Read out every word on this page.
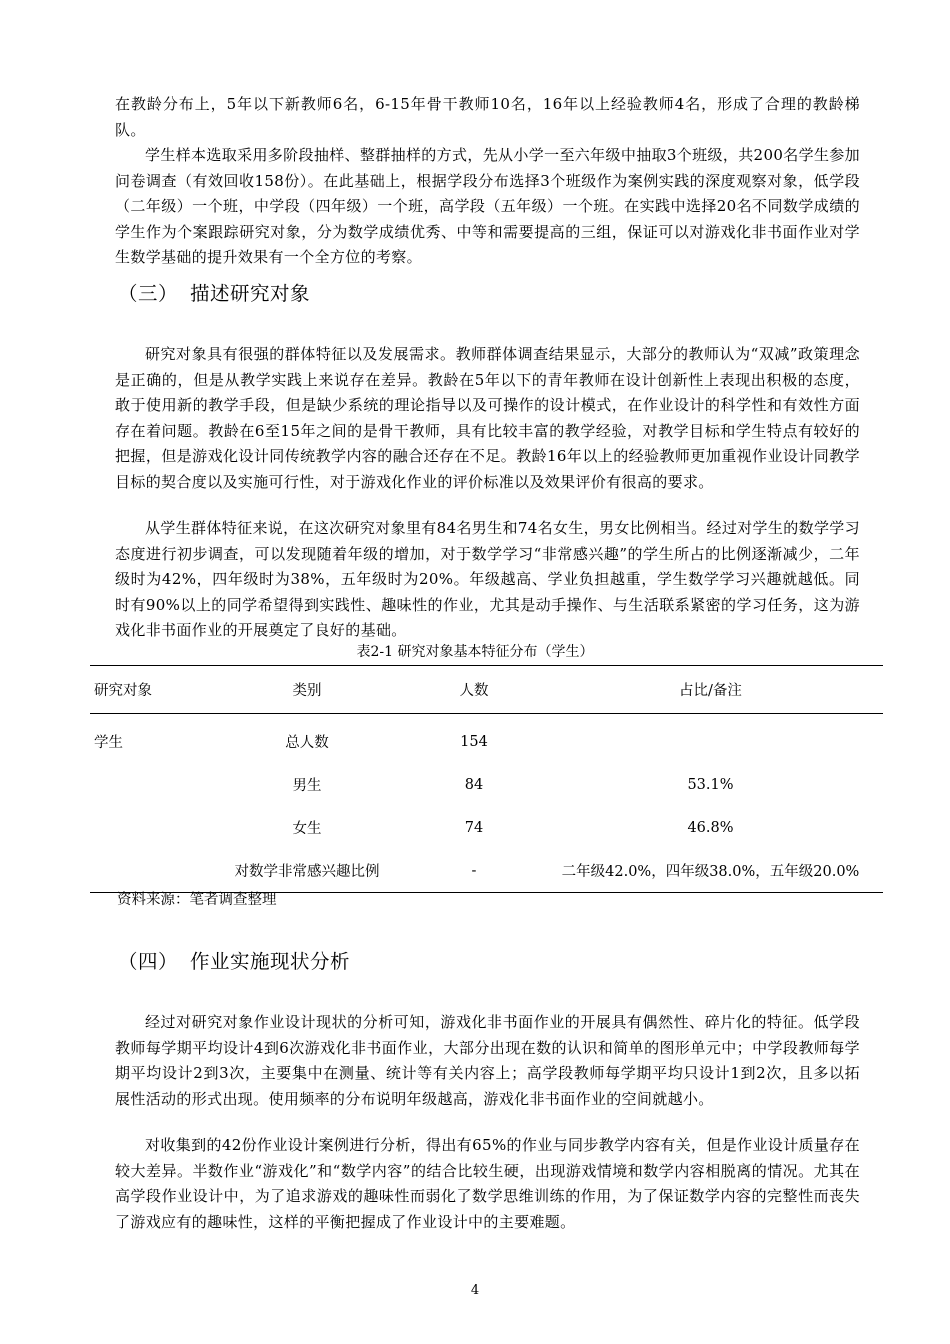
在教龄分布上，5年以下新教师6名，6-15年骨干教师10名，16年以上经验教师4名，形成了合理的教龄梯队。

学生样本选取采用多阶段抽样、整群抽样的方式，先从小学一至六年级中抽取3个班级，共200名学生参加问卷调查（有效回收158份）。在此基础上，根据学段分布选择3个班级作为案例实践的深度观察对象，低学段（二年级）一个班，中学段（四年级）一个班，高学段（五年级）一个班。在实践中选择20名不同数学成绩的学生作为个案跟踪研究对象，分为数学成绩优秀、中等和需要提高的三组，保证可以对游戏化非书面作业对学生数学基础的提升效果有一个全方位的考察。

（三） 描述研究对象

研究对象具有很强的群体特征以及发展需求。教师群体调查结果显示，大部分的教师认为“双减”政策理念是正确的，但是从教学实践上来说存在差异。教龄在5年以下的青年教师在设计创新性上表现出积极的态度，敢于使用新的教学手段，但是缺少系统的理论指导以及可操作的设计模式，在作业设计的科学性和有效性方面存在着问题。教龄在6至15年之间的是骨干教师，具有比较丰富的教学经验，对教学目标和学生特点有较好的把握，但是游戏化设计同传统教学内容的融合还存在不足。教龄16年以上的经验教师更加重视作业设计同教学目标的契合度以及实施可行性，对于游戏化作业的评价标准以及效果评价有很高的要求。

从学生群体特征来说，在这次研究对象里有84名男生和74名女生，男女比例相当。经过对学生的数学学习态度进行初步调查，可以发现随着年级的增加，对于数学学习“非常感兴趣”的学生所占的比例逐渐减少，二年级时为42%，四年级时为38%，五年级时为20%。年级越高、学业负担越重，学生数学学习兴趣就越低。同时有90%以上的同学希望得到实践性、趣味性的作业，尤其是动手操作、与生活联系紧密的学习任务，这为游戏化非书面作业的开展奠定了良好的基础。

表2-1 研究对象基本特征分布（学生）
研究对象	类别	人数	占比/备注
学生	总人数	154	
	男生	84	53.1%
	女生	74	46.8%
	对数学非常感兴趣比例	-	二年级42.0%，四年级38.0%，五年级20.0%
资料来源：笔者调查整理
（四） 作业实施现状分析

经过对研究对象作业设计现状的分析可知，游戏化非书面作业的开展具有偶然性、碎片化的特征。低学段教师每学期平均设计4到6次游戏化非书面作业，大部分出现在数的认识和简单的图形单元中；中学段教师每学期平均设计2到3次，主要集中在测量、统计等有关内容上；高学段教师每学期平均只设计1到2次，且多以拓展性活动的形式出现。使用频率的分布说明年级越高，游戏化非书面作业的空间就越小。

对收集到的42份作业设计案例进行分析，得出有65%的作业与同步教学内容有关，但是作业设计质量存在较大差异。半数作业“游戏化”和“数学内容”的结合比较生硬，出现游戏情境和数学内容相脱离的情况。尤其在高学段作业设计中，为了追求游戏的趣味性而弱化了数学思维训练的作用，为了保证数学内容的完整性而丧失了游戏应有的趣味性，这样的平衡把握成了作业设计中的主要难题。

4
